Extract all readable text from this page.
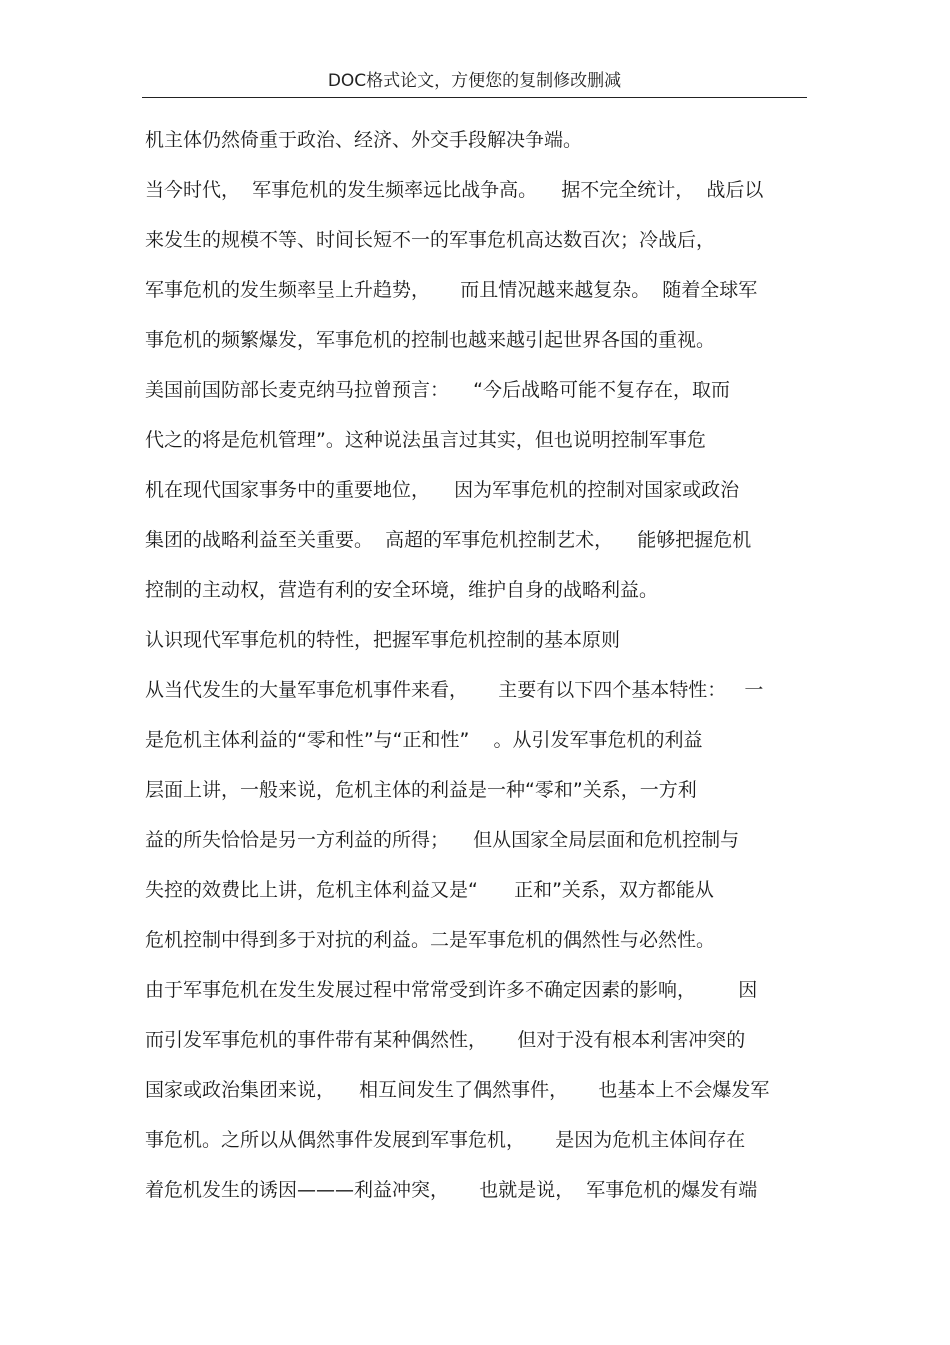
DOC格式论文，方便您的复制修改删减
机主体仍然倚重于政治、经济、外交手段解决争端。
当今时代，  军事危机的发生频率远比战争高。    据不完全统计，  战后以
来发生的规模不等、时间长短不一的军事危机高达数百次；冷战后，
军事危机的发生频率呈上升趋势，     而且情况越来越复杂。  随着全球军
事危机的频繁爆发，军事危机的控制也越来越引起世界各国的重视。
美国前国防部长麦克纳马拉曾预言：    “今后战略可能不复存在，取而
代之的将是危机管理”。这种说法虽言过其实，但也说明控制军事危
机在现代国家事务中的重要地位，    因为军事危机的控制对国家或政治
集团的战略利益至关重要。  高超的军事危机控制艺术，    能够把握危机
控制的主动权，营造有利的安全环境，维护自身的战略利益。
认识现代军事危机的特性，把握军事危机控制的基本原则
从当代发生的大量军事危机事件来看，     主要有以下四个基本特性：   一
是危机主体利益的“零和性”与“正和性”    。从引发军事危机的利益
层面上讲，一般来说，危机主体的利益是一种“零和”关系，一方利
益的所失恰恰是另一方利益的所得；    但从国家全局层面和危机控制与
失控的效费比上讲，危机主体利益又是“      正和”关系，双方都能从
危机控制中得到多于对抗的利益。二是军事危机的偶然性与必然性。
由于军事危机在发生发展过程中常常受到许多不确定因素的影响，       因
而引发军事危机的事件带有某种偶然性，     但对于没有根本利害冲突的
国家或政治集团来说，    相互间发生了偶然事件，     也基本上不会爆发军
事危机。之所以从偶然事件发展到军事危机，     是因为危机主体间存在
着危机发生的诱因———利益冲突，     也就是说，  军事危机的爆发有端
